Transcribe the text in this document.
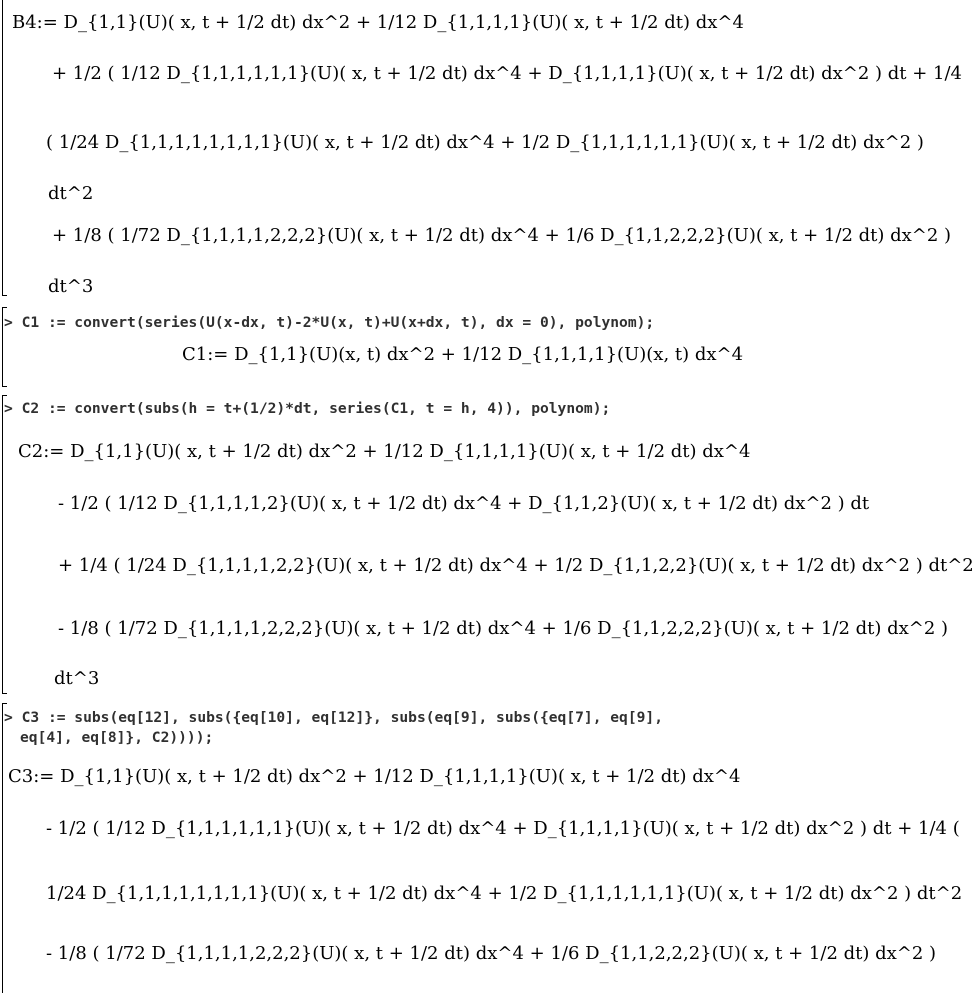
B4:= D_{1,1}(U)( x, t + 1/2 dt) dx^2 + 1/12 D_{1,1,1,1}(U)( x, t + 1/2 dt) dx^4
+ 1/2 ( 1/12 D_{1,1,1,1,1,1}(U)( x, t + 1/2 dt) dx^4 + D_{1,1,1,1}(U)( x, t + 1/2 dt) dx^2 ) dt + 1/4
( 1/24 D_{1,1,1,1,1,1,1,1}(U)( x, t + 1/2 dt) dx^4 + 1/2 D_{1,1,1,1,1,1}(U)( x, t + 1/2 dt) dx^2 )
dt^2
+ 1/8 ( 1/72 D_{1,1,1,1,2,2,2}(U)( x, t + 1/2 dt) dx^4 + 1/6 D_{1,1,2,2,2}(U)( x, t + 1/2 dt) dx^2 )
dt^3
> C1 := convert(series(U(x-dx, t)-2*U(x, t)+U(x+dx, t), dx = 0), polynom);
C1:= D_{1,1}(U)(x, t) dx^2 + 1/12 D_{1,1,1,1}(U)(x, t) dx^4
> C2 := convert(subs(h = t+(1/2)*dt, series(C1, t = h, 4)), polynom);
C2:= D_{1,1}(U)( x, t + 1/2 dt) dx^2 + 1/12 D_{1,1,1,1}(U)( x, t + 1/2 dt) dx^4
- 1/2 ( 1/12 D_{1,1,1,1,2}(U)( x, t + 1/2 dt) dx^4 + D_{1,1,2}(U)( x, t + 1/2 dt) dx^2 ) dt
+ 1/4 ( 1/24 D_{1,1,1,1,2,2}(U)( x, t + 1/2 dt) dx^4 + 1/2 D_{1,1,2,2}(U)( x, t + 1/2 dt) dx^2 ) dt^2
- 1/8 ( 1/72 D_{1,1,1,1,2,2,2}(U)( x, t + 1/2 dt) dx^4 + 1/6 D_{1,1,2,2,2}(U)( x, t + 1/2 dt) dx^2 )
dt^3
> C3 := subs(eq[12], subs({eq[10], eq[12]}, subs(eq[9], subs({eq[7], eq[9],
eq[4], eq[8]}, C2))));
C3:= D_{1,1}(U)( x, t + 1/2 dt) dx^2 + 1/12 D_{1,1,1,1}(U)( x, t + 1/2 dt) dx^4
- 1/2 ( 1/12 D_{1,1,1,1,1,1}(U)( x, t + 1/2 dt) dx^4 + D_{1,1,1,1}(U)( x, t + 1/2 dt) dx^2 ) dt + 1/4 (
1/24 D_{1,1,1,1,1,1,1,1}(U)( x, t + 1/2 dt) dx^4 + 1/2 D_{1,1,1,1,1,1}(U)( x, t + 1/2 dt) dx^2 ) dt^2
- 1/8 ( 1/72 D_{1,1,1,1,2,2,2}(U)( x, t + 1/2 dt) dx^4 + 1/6 D_{1,1,2,2,2}(U)( x, t + 1/2 dt) dx^2 )
